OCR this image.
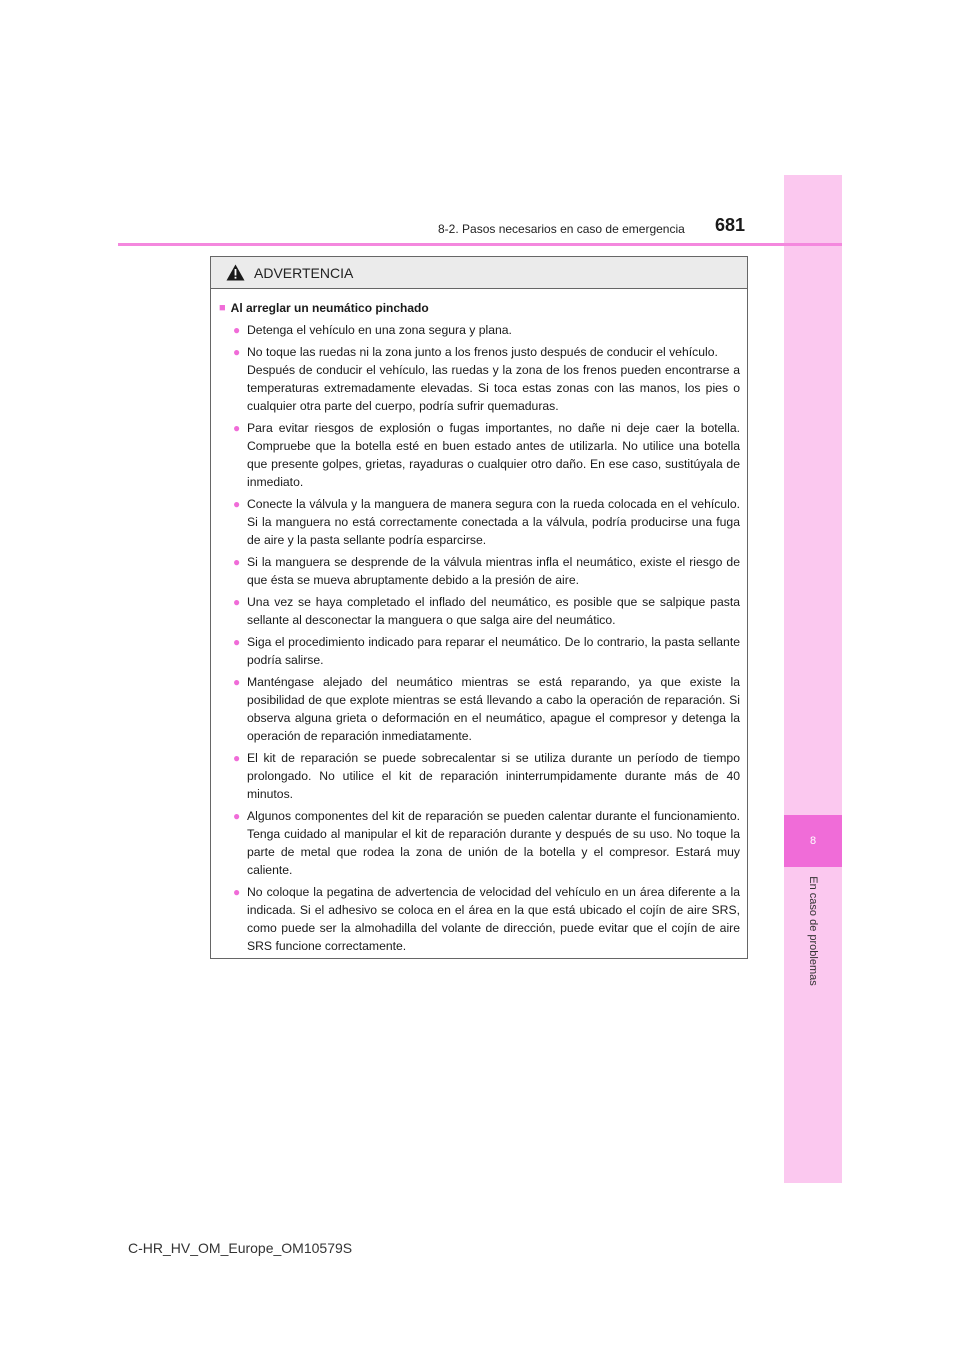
8
En caso de problemas
681
8-2. Pasos necesarios en caso de emergencia
ADVERTENCIA
■ Al arreglar un neumático pinchado
● Detenga el vehículo en una zona segura y plana.
● No toque las ruedas ni la zona junto a los frenos justo después de conducir el vehículo.
Después de conducir el vehículo, las ruedas y la zona de los frenos pueden encontrarse a temperaturas extremadamente elevadas. Si toca estas zonas con las manos, los pies o cualquier otra parte del cuerpo, podría sufrir quemaduras.
● Para evitar riesgos de explosión o fugas importantes, no dañe ni deje caer la botella. Compruebe que la botella esté en buen estado antes de utilizarla. No utilice una botella que presente golpes, grietas, rayaduras o cualquier otro daño. En ese caso, sustitúyala de inmediato.
● Conecte la válvula y la manguera de manera segura con la rueda colocada en el vehículo. Si la manguera no está correctamente conectada a la válvula, podría producirse una fuga de aire y la pasta sellante podría esparcirse.
● Si la manguera se desprende de la válvula mientras infla el neumático, existe el riesgo de que ésta se mueva abruptamente debido a la presión de aire.
● Una vez se haya completado el inflado del neumático, es posible que se salpique pasta sellante al desconectar la manguera o que salga aire del neumático.
● Siga el procedimiento indicado para reparar el neumático. De lo contrario, la pasta sellante podría salirse.
● Manténgase alejado del neumático mientras se está reparando, ya que existe la posibilidad de que explote mientras se está llevando a cabo la operación de reparación. Si observa alguna grieta o deformación en el neumático, apague el compresor y detenga la operación de reparación inmediatamente.
● El kit de reparación se puede sobrecalentar si se utiliza durante un período de tiempo prolongado. No utilice el kit de reparación ininterrumpidamente durante más de 40 minutos.
● Algunos componentes del kit de reparación se pueden calentar durante el funcionamiento. Tenga cuidado al manipular el kit de reparación durante y después de su uso. No toque la parte de metal que rodea la zona de unión de la botella y el compresor. Estará muy caliente.
● No coloque la pegatina de advertencia de velocidad del vehículo en un área diferente a la indicada. Si el adhesivo se coloca en el área en la que está ubicado el cojín de aire SRS, como puede ser la almohadilla del volante de dirección, puede evitar que el cojín de aire SRS funcione correctamente.
C-HR_HV_OM_Europe_OM10579S
